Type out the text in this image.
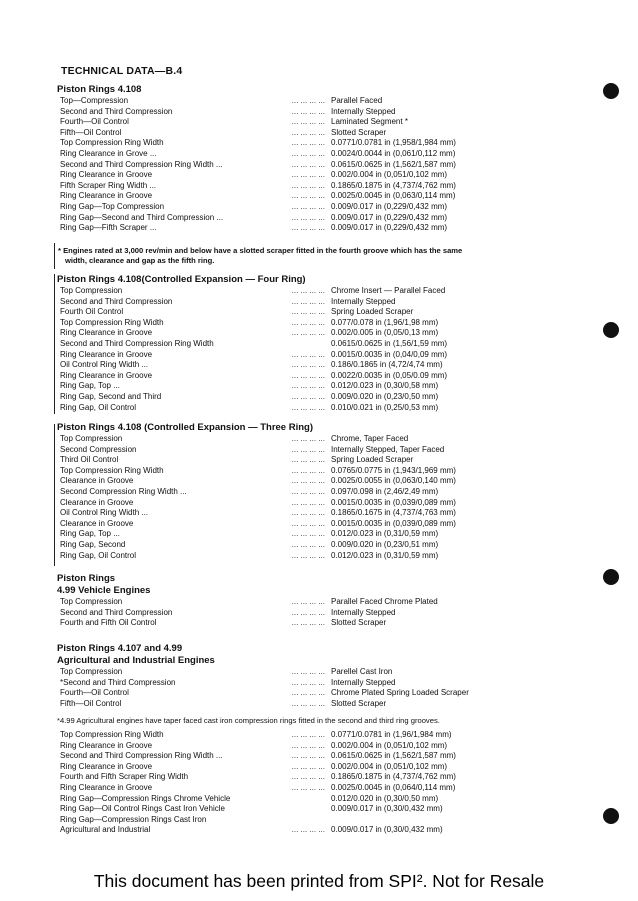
TECHNICAL DATA—B.4
Piston Rings 4.108
Top—Compression	... ... ... ... Parallel Faced
Second and Third Compression	... ... ... ... Internally Stepped
Fourth—Oil Control	... ... ... ... Laminated Segment *
Fifth—Oil Control	... ... ... ... Slotted Scraper
Top Compression Ring Width	... ... ... ... 0.0771/0.0781 in (1,958/1,984 mm)
Ring Clearance in Grove ...	... ... ... ... 0.0024/0.0044 in (0,061/0,112 mm)
Second and Third Compression Ring Width ...	... ... ... ... 0.0615/0.0625 in (1,562/1,587 mm)
Ring Clearance in Groove	... ... ... ... 0.002/0.004 in (0,051/0,102 mm)
Fifth Scraper Ring Width ...	... ... ... ... 0.1865/0.1875 in (4,737/4,762 mm)
Ring Clearance in Groove	... ... ... ... 0.0025/0.0045 in (0,063/0,114 mm)
Ring Gap—Top Compression	... ... ... ... 0.009/0.017 in (0,229/0,432 mm)
Ring Gap—Second and Third Compression ...	... ... ... ... 0.009/0.017 in (0,229/0,432 mm)
Ring Gap—Fifth Scraper ...	... ... ... ... 0.009/0.017 in (0,229/0,432 mm)
* Engines rated at 3,000 rev/min and below have a slotted scraper fitted in the fourth groove which has the same
width, clearance and gap as the fifth ring.
Piston Rings 4.108(Controlled Expansion — Four Ring)
Top Compression	... ... ... ... Chrome Insert — Parallel Faced
Second and Third Compression	... ... ... ... Internally Stepped
Fourth Oil Control	... ... ... ... Spring Loaded Scraper
Top Compression Ring Width	... ... ... ... 0.077/0.078 in (1,96/1,98 mm)
Ring Clearance in Groove	... ... ... ... 0.002/0.005 in (0,05/0,13 mm)
Second and Third Compression Ring Width	0.0615/0.0625 in (1,56/1,59 mm)
Ring Clearance in Groove	... ... ... ... 0.0015/0.0035 in (0,04/0,09 mm)
Oil Control Ring Width ...	... ... ... ... 0.186/0.1865 in (4,72/4,74 mm)
Ring Clearance in Groove	... ... ... ... 0.0022/0.0035 in (0,05/0.09 mm)
Ring Gap, Top ...	... ... ... ... 0.012/0.023 in (0,30/0,58 mm)
Ring Gap, Second and Third	... ... ... ... 0.009/0.020 in (0,23/0,50 mm)
Ring Gap, Oil Control	... ... ... ... 0.010/0.021 in (0,25/0,53 mm)
Piston Rings 4.108 (Controlled Expansion — Three Ring)
Top Compression	... ... ... ... Chrome, Taper Faced
Second Compression	... ... ... ... Internally Stepped, Taper Faced
Third Oil Control	... ... ... ... Spring Loaded Scraper
Top Compression Ring Width	... ... ... ... 0.0765/0.0775 in (1,943/1,969 mm)
Clearance in Groove	... ... ... ... 0.0025/0.0055 in (0,063/0,140 mm)
Second Compression Ring Width ...	... ... ... ... 0.097/0.098 in (2,46/2,49 mm)
Clearance in Groove	... ... ... ... 0.0015/0.0035 in (0,039/0,089 mm)
Oil Control Ring Width ...	... ... ... ... 0.1865/0.1675 in (4,737/4,763 mm)
Clearance in Groove	... ... ... ... 0.0015/0.0035 in (0,039/0,089 mm)
Ring Gap, Top ...	... ... ... ... 0.012/0.023 in (0,31/0,59 mm)
Ring Gap, Second	... ... ... ... 0.009/0.020 in (0,23/0,51 mm)
Ring Gap, Oil Control	... ... ... ... 0.012/0.023 in (0,31/0,59 mm)
Piston Rings
4.99 Vehicle Engines
Top Compression	... ... ... ... Parallel Faced Chrome Plated
Second and Third Compression	... ... ... ... Internally Stepped
Fourth and Fifth Oil Control	... ... ... ... Slotted Scraper
Piston Rings 4.107 and 4.99
Agricultural and Industrial Engines
Top Compression	... ... ... ... Parellel Cast Iron
*Second and Third Compression	... ... ... ... Internally Stepped
Fourth—Oil Control	... ... ... ... Chrome Plated Spring Loaded Scraper
Fifth—Oil Control	... ... ... ... Slotted Scraper
*4.99 Agricultural engines have taper faced cast iron compression rings fitted in the second and third ring grooves.
Top Compression Ring Width	... ... ... ... 0.0771/0.0781 in (1,96/1,984 mm)
Ring Clearance in Groove	... ... ... ... 0.002/0.004 in (0,051/0,102 mm)
Second and Third Compression Ring Width ...	... ... ... ... 0.0615/0.0625 in (1,562/1,587 mm)
Ring Clearance in Groove	... ... ... ... 0.002/0.004 in (0,051/0,102 mm)
Fourth and Fifth Scraper Ring Width	... ... ... ... 0.1865/0.1875 in (4,737/4,762 mm)
Ring Clearance in Groove	... ... ... ... 0.0025/0.0045 in (0,064/0,114 mm)
Ring Gap—Compression Rings Chrome Vehicle	0.012/0.020 in (0,30/0,50 mm)
Ring Gap—Oil Control Rings Cast Iron Vehicle	0.009/0.017 in (0,30/0,432 mm)
Ring Gap—Compression Rings Cast Iron
Agricultural and Industrial	... ... ... ... 0.009/0.017 in (0,30/0,432 mm)
This document has been printed from SPI². Not for Resale
